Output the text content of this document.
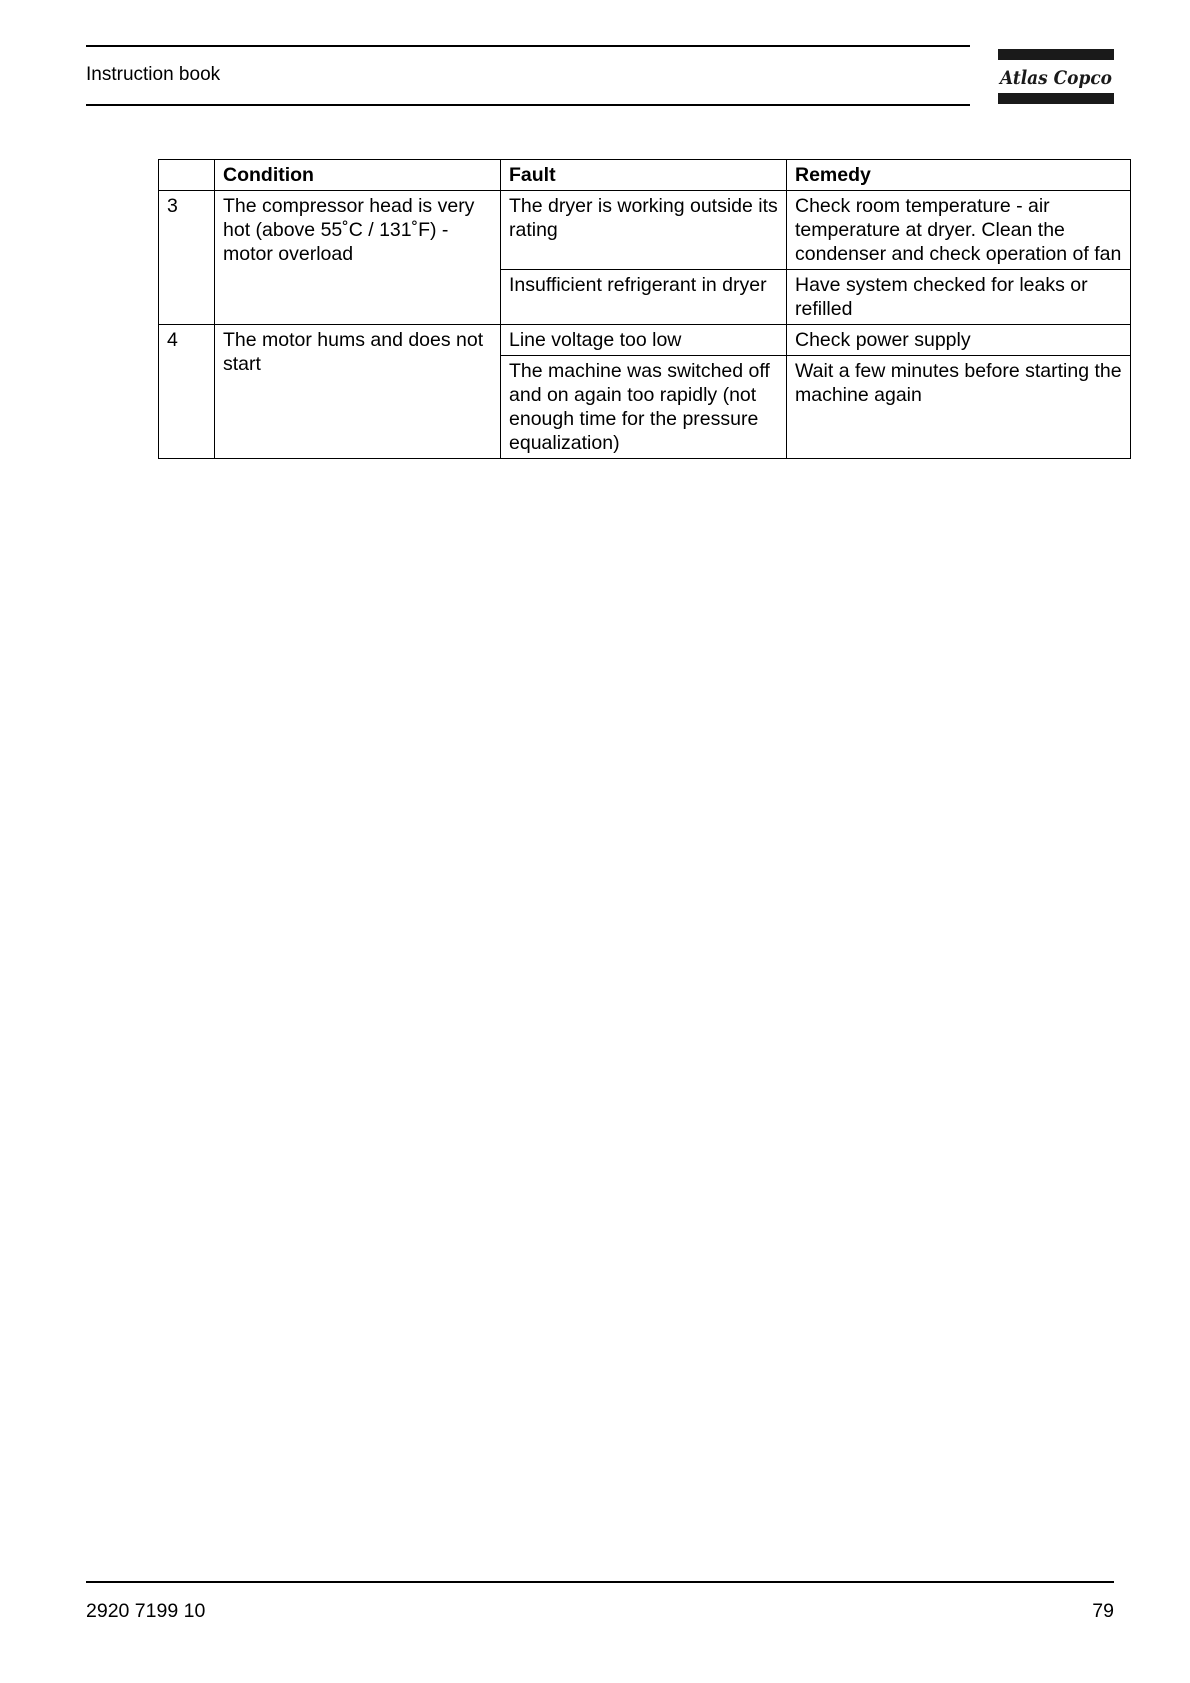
Instruction book	Atlas Copco
	Condition	Fault	Remedy
3	The compressor head is very hot (above 55˚C / 131˚F) - motor overload	The dryer is working outside its rating	Check room temperature - air temperature at dryer. Clean the condenser and check operation of fan
		Insufficient refrigerant in dryer	Have system checked for leaks or refilled
4	The motor hums and does not start	Line voltage too low	Check power supply
		The machine was switched off and on again too rapidly (not enough time for the pressure equalization)	Wait a few minutes before starting the machine again
2920 7199 10	79
